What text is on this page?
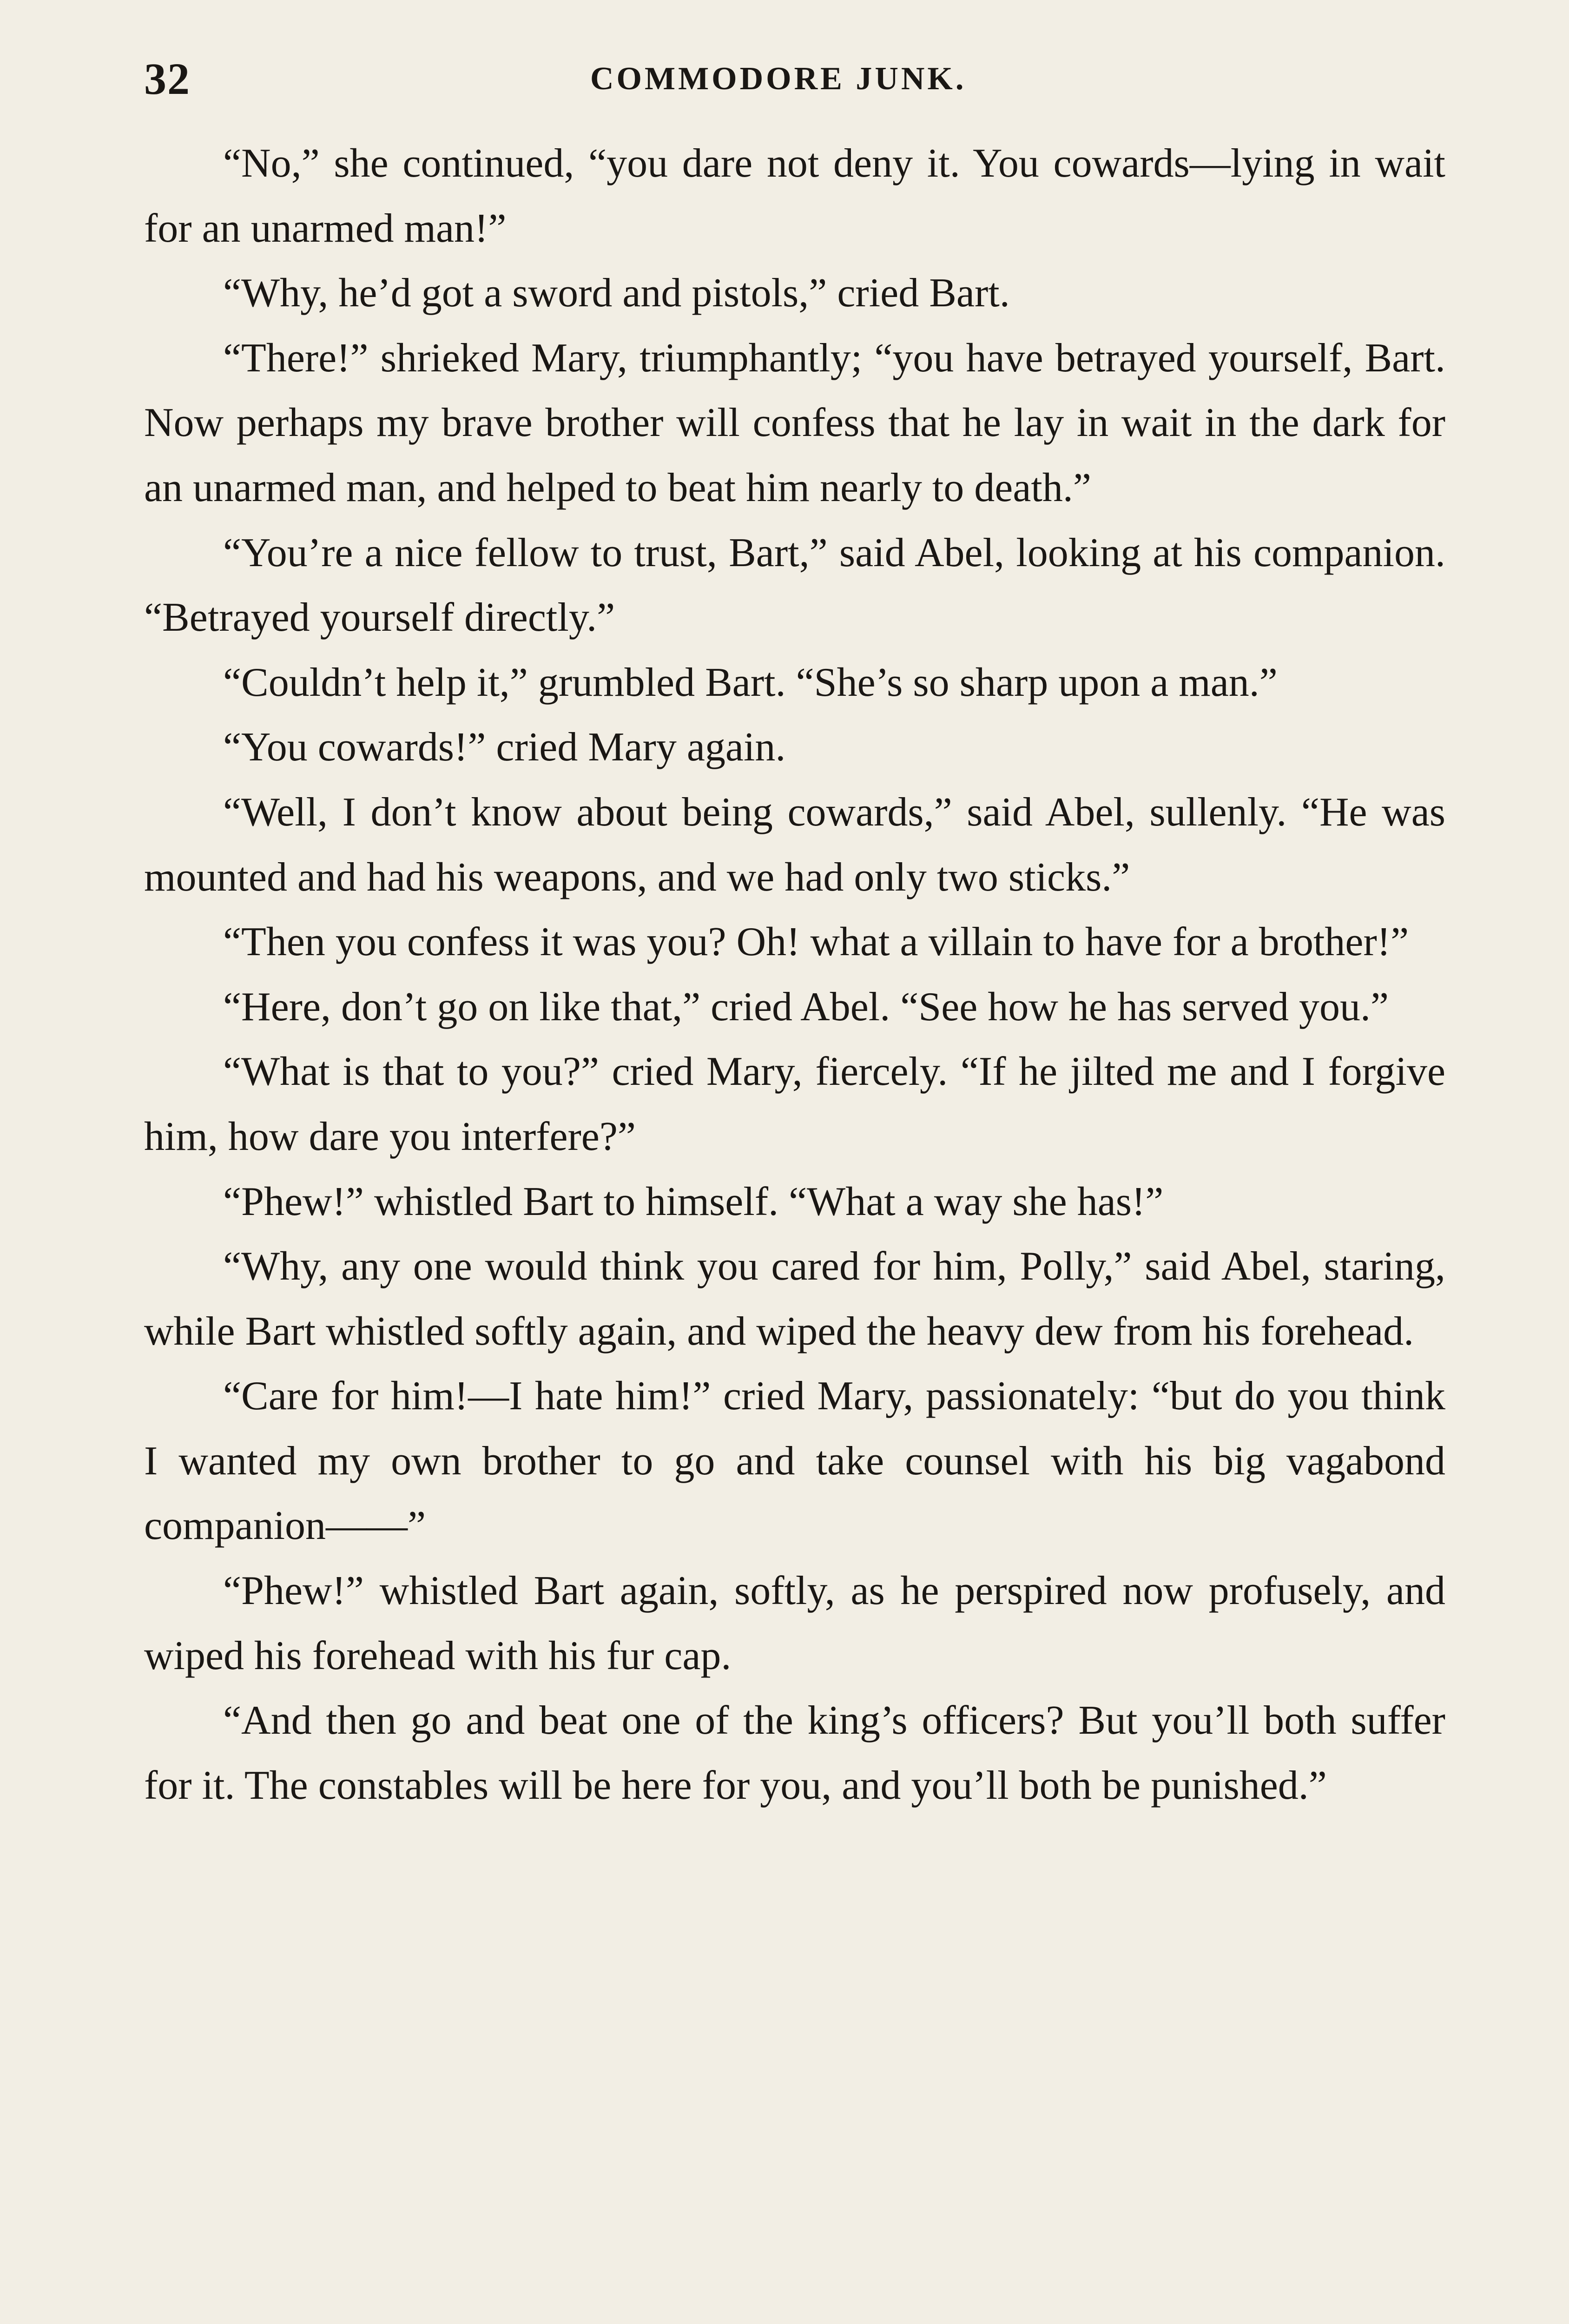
32	COMMODORE JUNK.

“No,” she continued, “you dare not deny it. You cowards—lying in wait for an unarmed man!”

“Why, he’d got a sword and pistols,” cried Bart.

“There!” shrieked Mary, triumphantly; “you have betrayed yourself, Bart. Now perhaps my brave brother will confess that he lay in wait in the dark for an unarmed man, and helped to beat him nearly to death.”

“You’re a nice fellow to trust, Bart,” said Abel, looking at his companion. “Betrayed yourself directly.”

“Couldn’t help it,” grumbled Bart. “She’s so sharp upon a man.”

“You cowards!” cried Mary again.

“Well, I don’t know about being cowards,” said Abel, sullenly. “He was mounted and had his weapons, and we had only two sticks.”

“Then you confess it was you? Oh! what a villain to have for a brother!”

“Here, don’t go on like that,” cried Abel. “See how he has served you.”

“What is that to you?” cried Mary, fiercely. “If he jilted me and I forgive him, how dare you interfere?”

“Phew!” whistled Bart to himself. “What a way she has!”

“Why, any one would think you cared for him, Polly,” said Abel, staring, while Bart whistled softly again, and wiped the heavy dew from his forehead.

“Care for him!—I hate him!” cried Mary, passionately: “but do you think I wanted my own brother to go and take counsel with his big vagabond companion——”

“Phew!” whistled Bart again, softly, as he perspired now profusely, and wiped his forehead with his fur cap.

“And then go and beat one of the king’s officers? But you’ll both suffer for it. The constables will be here for you, and you’ll both be punished.”
